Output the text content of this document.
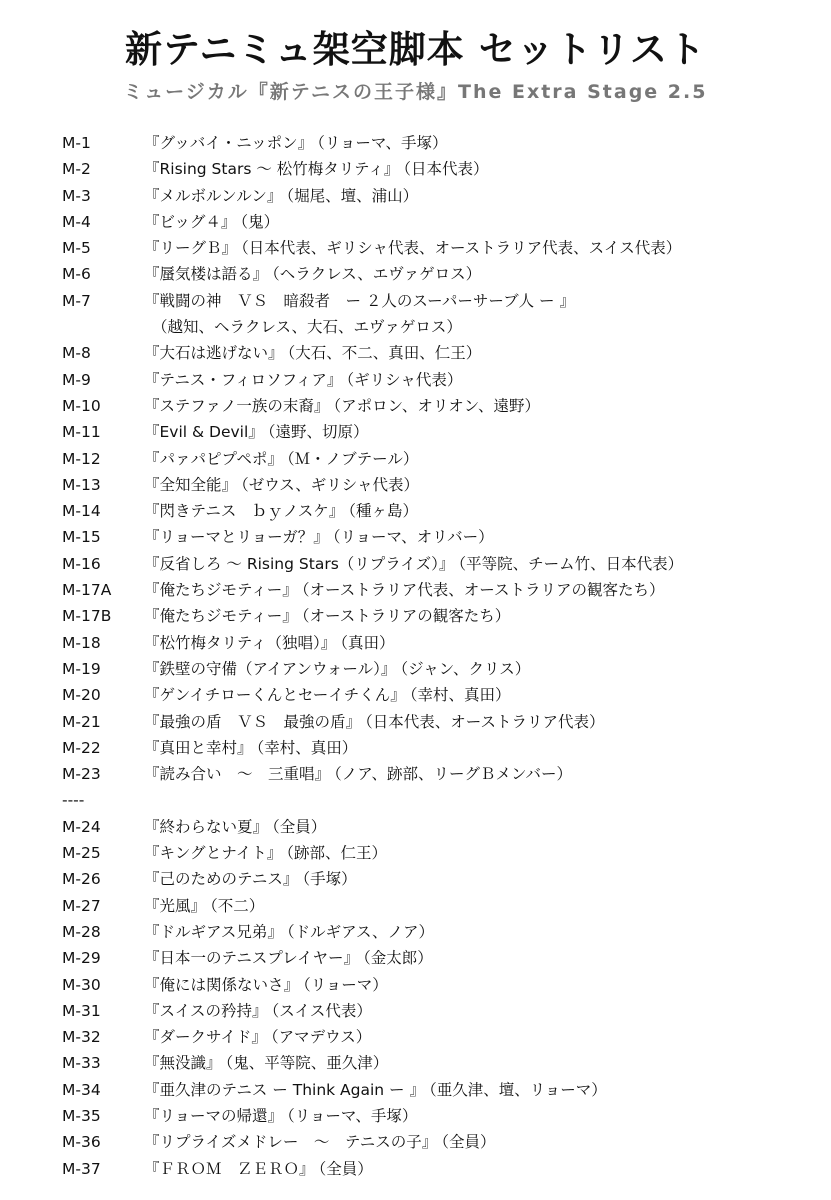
新テニミュ架空脚本 セットリスト
ミュージカル『新テニスの王子様』The Extra Stage 2.5
M-1	『グッバイ・ニッポン』 （リョーマ、手塚）
M-2	『Rising Stars 〜 松竹梅タリティ』 （日本代表）
M-3	『メルボルンルン』 （堀尾、壇、浦山）
M-4	『ビッグ４』 （鬼）
M-5	『リーグＢ』 （日本代表、ギリシャ代表、オーストラリア代表、スイス代表）
M-6	『蜃気楼は語る』 （ヘラクレス、エヴァゲロス）
M-7	『戦闘の神　ＶＳ　暗殺者　ー ２人のスーパーサーブ人 ー 』
（越知、ヘラクレス、大石、エヴァゲロス）
M-8	『大石は逃げない』 （大石、不二、真田、仁王）
M-9	『テニス・フィロソフィア』 （ギリシャ代表）
M-10	『ステファノ一族の末裔』 （アポロン、オリオン、遠野）
M-11	『Evil & Devil』 （遠野、切原）
M-12	『パァパピプペポ』 （Ｍ・ノブテール）
M-13	『全知全能』 （ゼウス、ギリシャ代表）
M-14	『閃きテニス　ｂｙノスケ』 （種ヶ島）
M-15	『リョーマとリョーガ？』 （リョーマ、オリバー）
M-16	『反省しろ 〜 Rising Stars（リプライズ）』 （平等院、チーム竹、日本代表）
M-17A	『俺たちジモティー』 （オーストラリア代表、オーストラリアの観客たち）
M-17B	『俺たちジモティー』 （オーストラリアの観客たち）
M-18	『松竹梅タリティ（独唱）』 （真田）
M-19	『鉄壁の守備（アイアンウォール）』 （ジャン、クリス）
M-20	『ゲンイチローくんとセーイチくん』 （幸村、真田）
M-21	『最強の盾　ＶＳ　最強の盾』 （日本代表、オーストラリア代表）
M-22	『真田と幸村』 （幸村、真田）
M-23	『読み合い　〜　三重唱』 （ノア、跡部、リーグＢメンバー）
----
M-24	『終わらない夏』 （全員）
M-25	『キングとナイト』 （跡部、仁王）
M-26	『己のためのテニス』 （手塚）
M-27	『光風』 （不二）
M-28	『ドルギアス兄弟』 （ドルギアス、ノア）
M-29	『日本一のテニスプレイヤー』 （金太郎）
M-30	『俺には関係ないさ』 （リョーマ）
M-31	『スイスの矜持』 （スイス代表）
M-32	『ダークサイド』 （アマデウス）
M-33	『無没識』 （鬼、平等院、亜久津）
M-34	『亜久津のテニス ー Think Again ー 』 （亜久津、壇、リョーマ）
M-35	『リョーマの帰還』 （リョーマ、手塚）
M-36	『リプライズメドレー　〜　テニスの子』 （全員）
M-37	『ＦＲＯＭ　ＺＥＲＯ』 （全員）
